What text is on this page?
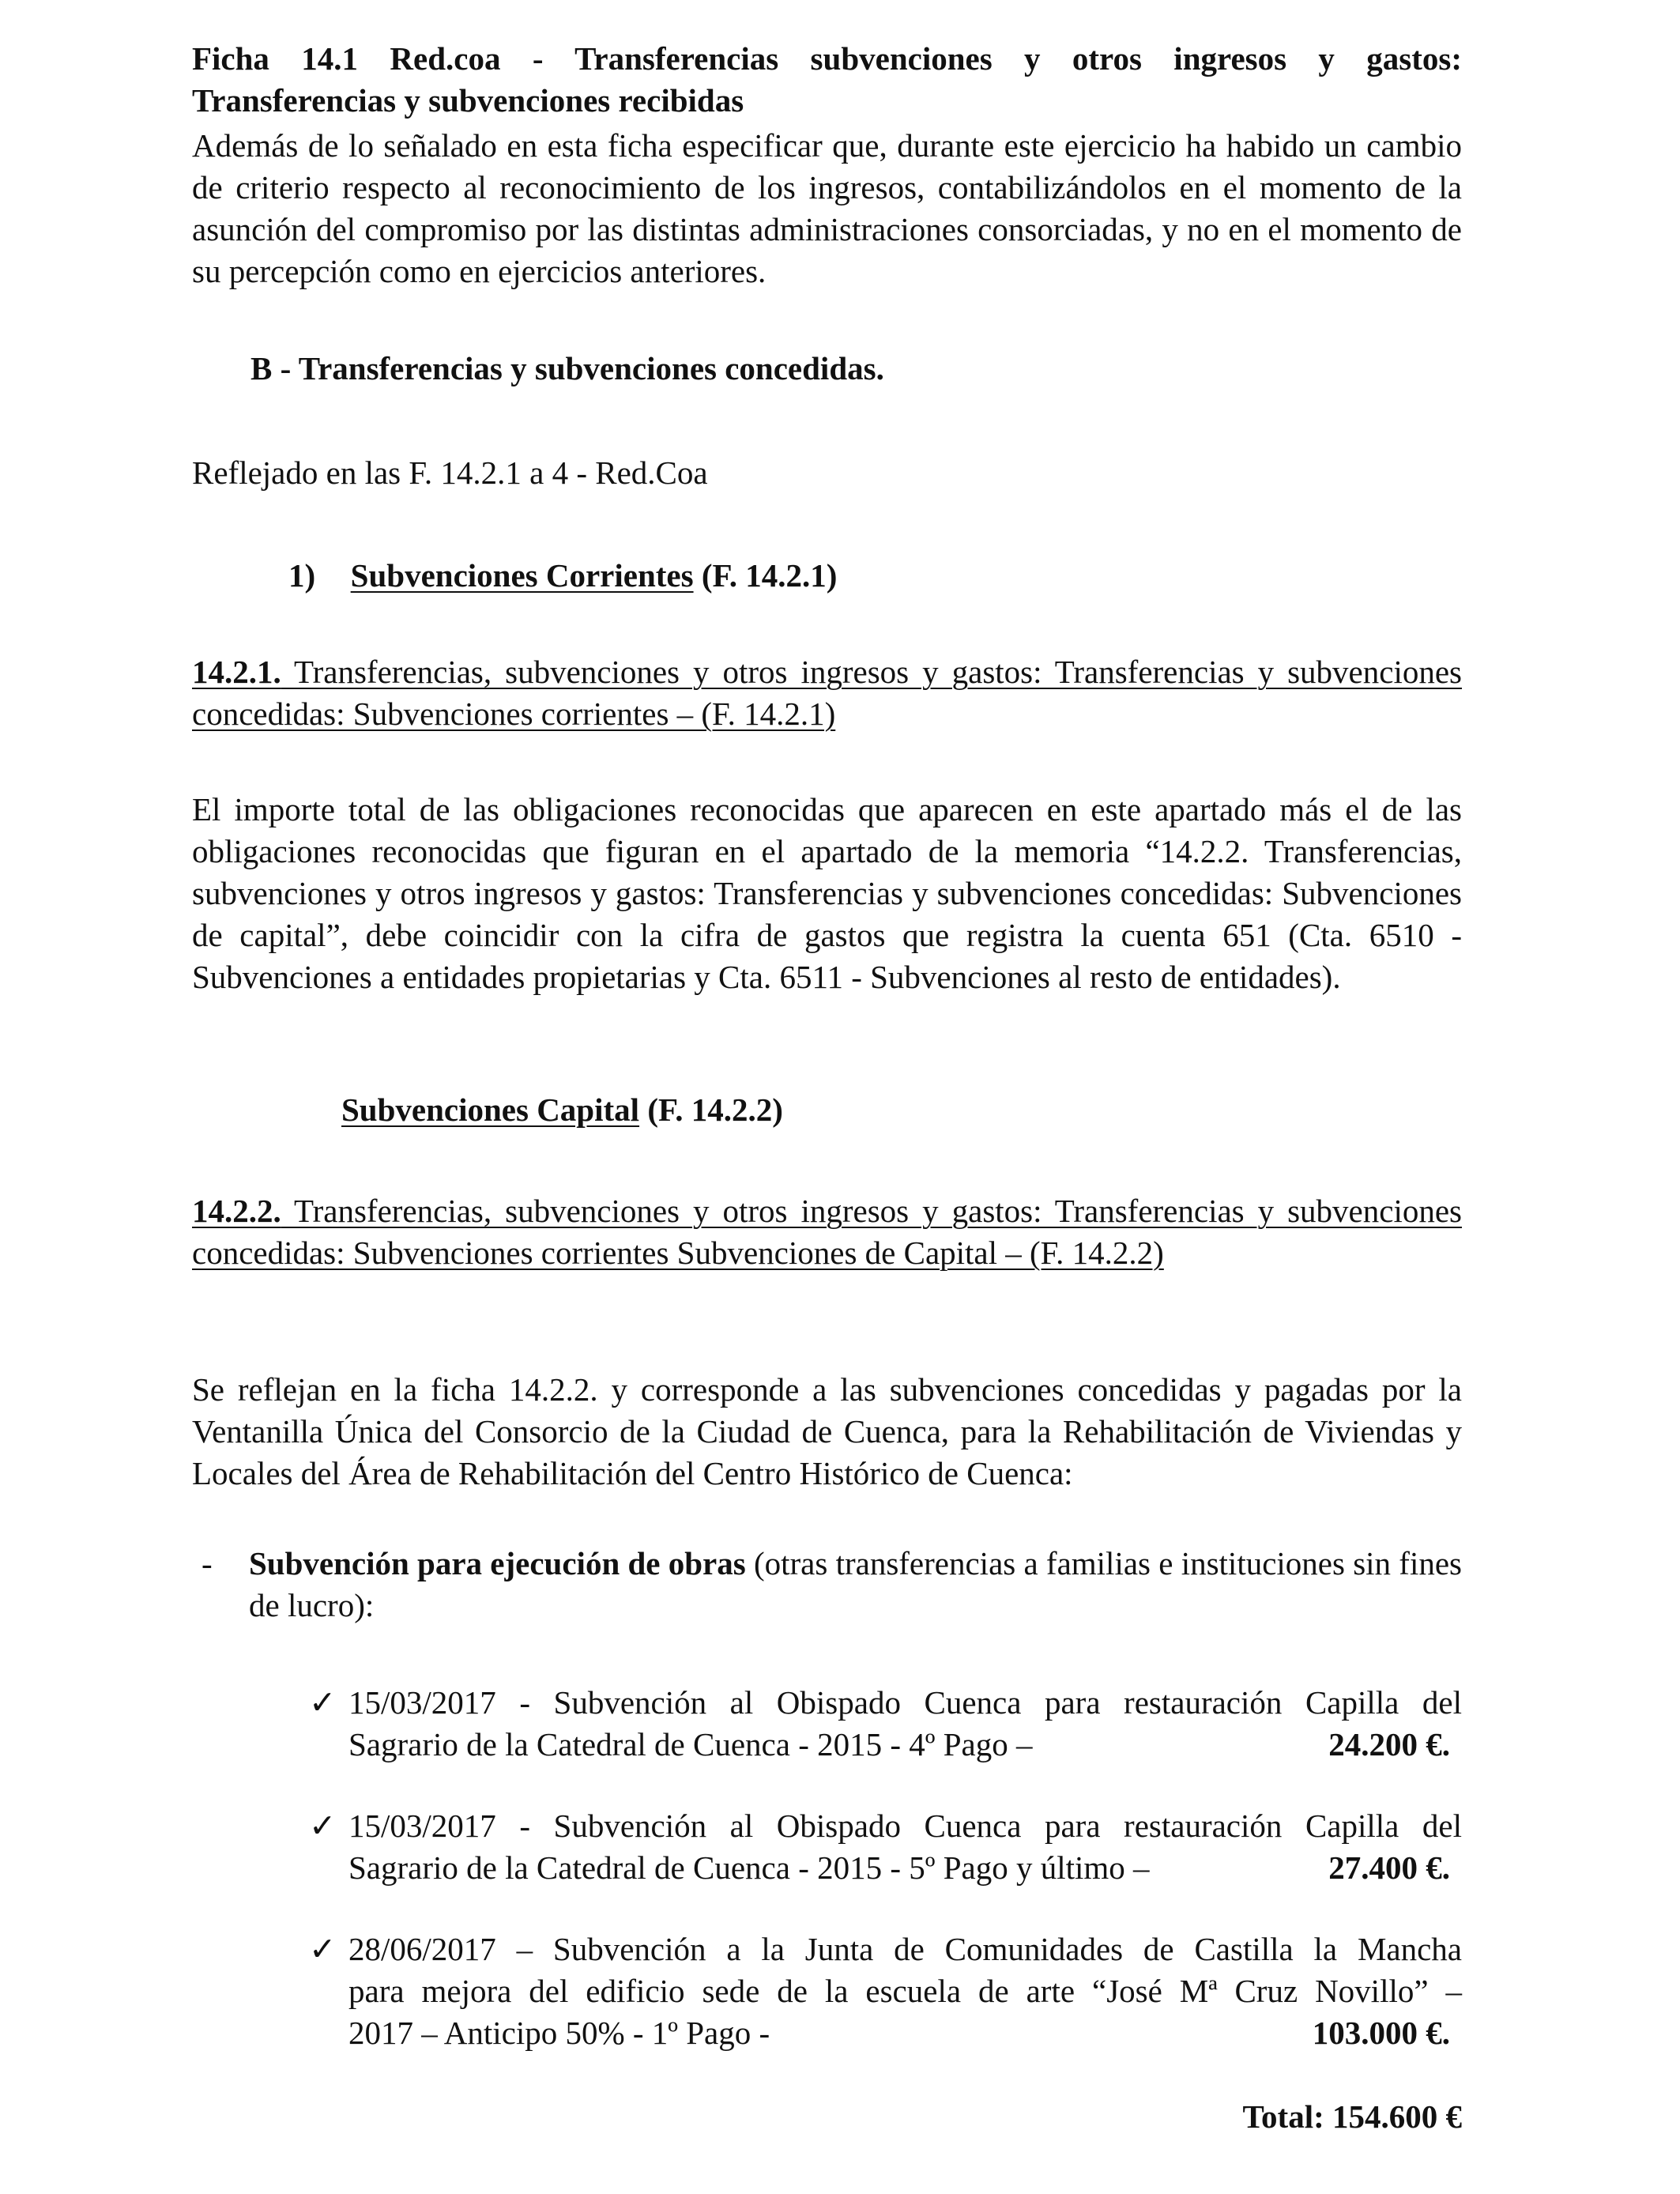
Ficha 14.1 Red.coa - Transferencias subvenciones y otros ingresos y gastos:

Transferencias y subvenciones recibidas

Además de lo señalado en esta ficha especificar que, durante este ejercicio ha habido un cambio de criterio respecto al reconocimiento de los ingresos, contabilizándolos en el momento de la asunción del compromiso por las distintas administraciones consorciadas, y no en el momento de su percepción como en ejercicios anteriores.

B - Transferencias y subvenciones concedidas.

Reflejado en las F. 14.2.1 a 4 - Red.Coa

1) Subvenciones Corrientes (F. 14.2.1)

14.2.1. Transferencias, subvenciones y otros ingresos y gastos: Transferencias y subvenciones concedidas: Subvenciones corrientes – (F. 14.2.1)

El importe total de las obligaciones reconocidas que aparecen en este apartado más el de las obligaciones reconocidas que figuran en el apartado de la memoria “14.2.2. Transferencias, subvenciones y otros ingresos y gastos: Transferencias y subvenciones concedidas: Subvenciones de capital”, debe coincidir con la cifra de gastos que registra la cuenta 651 (Cta. 6510 - Subvenciones a entidades propietarias y Cta. 6511 - Subvenciones al resto de entidades).

Subvenciones Capital (F. 14.2.2)

14.2.2. Transferencias, subvenciones y otros ingresos y gastos: Transferencias y subvenciones concedidas: Subvenciones corrientes Subvenciones de Capital – (F. 14.2.2)

Se reflejan en la ficha 14.2.2. y corresponde a las subvenciones concedidas y pagadas por la Ventanilla Única del Consorcio de la Ciudad de Cuenca, para la Rehabilitación de Viviendas y Locales del Área de Rehabilitación del Centro Histórico de Cuenca:

- Subvención para ejecución de obras (otras transferencias a familias e instituciones sin fines de lucro):

✓ 15/03/2017 - Subvención al Obispado Cuenca para restauración Capilla del

Sagrario de la Catedral de Cuenca - 2015 - 4º Pago –	24.200 €.
✓ 15/03/2017 - Subvención al Obispado Cuenca para restauración Capilla del

Sagrario de la Catedral de Cuenca - 2015 - 5º Pago y último –	27.400 €.
✓ 28/06/2017 – Subvención a la Junta de Comunidades de Castilla la Mancha

para mejora del edificio sede de la escuela de arte “José Mª Cruz Novillo” –

2017 – Anticipo 50% - 1º Pago -	103.000 €.

Total: 154.600 €
